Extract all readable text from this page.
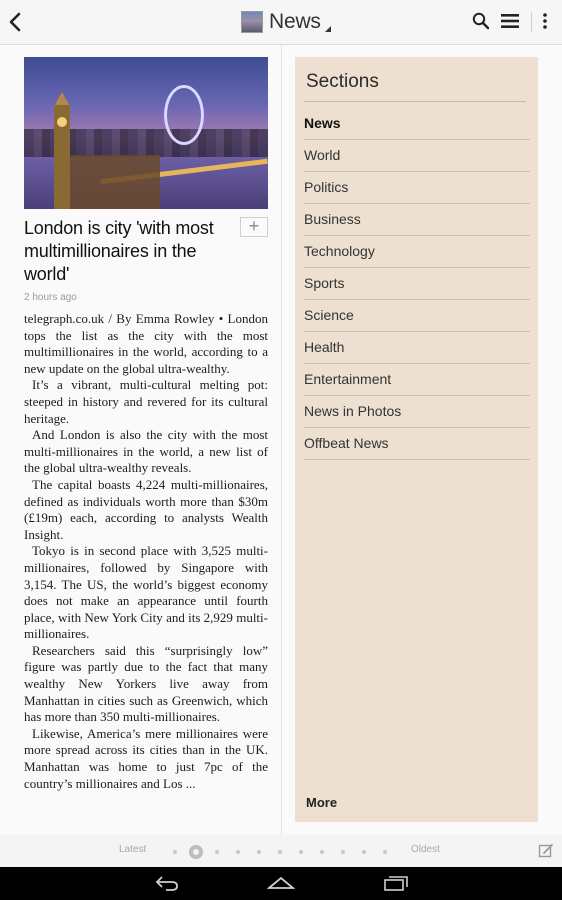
News
London is city 'with most multimillionaires in the world'
+
2 hours ago

telegraph.co.uk / By Emma Rowley • London tops the list as the city with the most multimillionaires in the world, according to a new update on the global ultra-wealthy.

It’s a vibrant, multi-cultural melting pot: steeped in history and revered for its cultural heritage.

And London is also the city with the most multi-millionaires in the world, a new list of the global ultra-wealthy reveals.

The capital boasts 4,224 multi-millionaires, defined as individuals worth more than $30m (£19m) each, according to analysts Wealth Insight.

Tokyo is in second place with 3,525 multi-millionaires, followed by Singapore with 3,154. The US, the world’s biggest economy does not make an appearance until fourth place, with New York City and its 2,929 multi-millionaires.

Researchers said this “surprisingly low” figure was partly due to the fact that many wealthy New Yorkers live away from Manhattan in cities such as Greenwich, which has more than 350 multi-millionaires.

Likewise, America’s mere millionaires were more spread across its cities than in the UK. Manhattan was home to just 7pc of the country’s millionaires and Los ...

Sections
News
World
Politics
Business
Technology
Sports
Science
Health
Entertainment
News in Photos
Offbeat News
More
Latest	Oldest
